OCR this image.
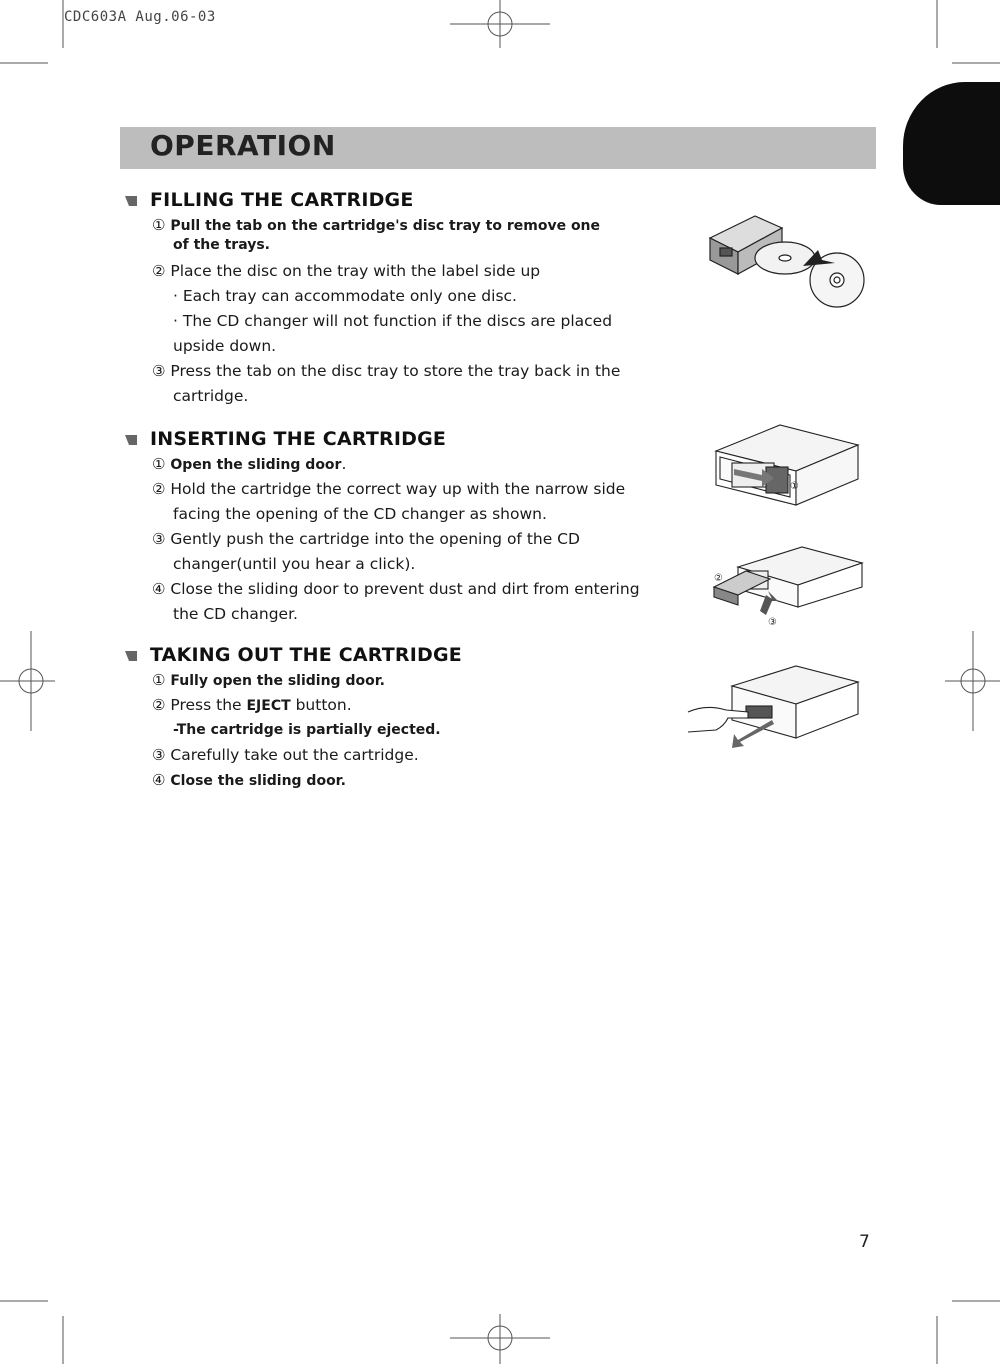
CDC603A Aug.06-03
OPERATION
FILLING THE CARTRIDGE
① Pull the tab on the cartridge's disc tray to remove one
of the trays.
② Place the disc on the tray with the label side up
· Each tray can accommodate only one disc.
· The CD changer will not function if the discs are placed
upside down.
③ Press the tab on the disc tray to store the tray back in the
cartridge.
INSERTING THE CARTRIDGE
① Open the sliding door.
② Hold the cartridge the correct way up with the narrow side
facing the opening of the CD changer as shown.
③ Gently push the cartridge into the opening of the CD
changer(until you hear a click).
④ Close the sliding door to prevent dust and dirt from entering
the CD changer.
TAKING OUT THE CARTRIDGE
① Fully open the sliding door.
② Press the EJECT button.
-The cartridge is partially ejected.
③ Carefully take out the cartridge.
④ Close the sliding door.
①
②
③
7
